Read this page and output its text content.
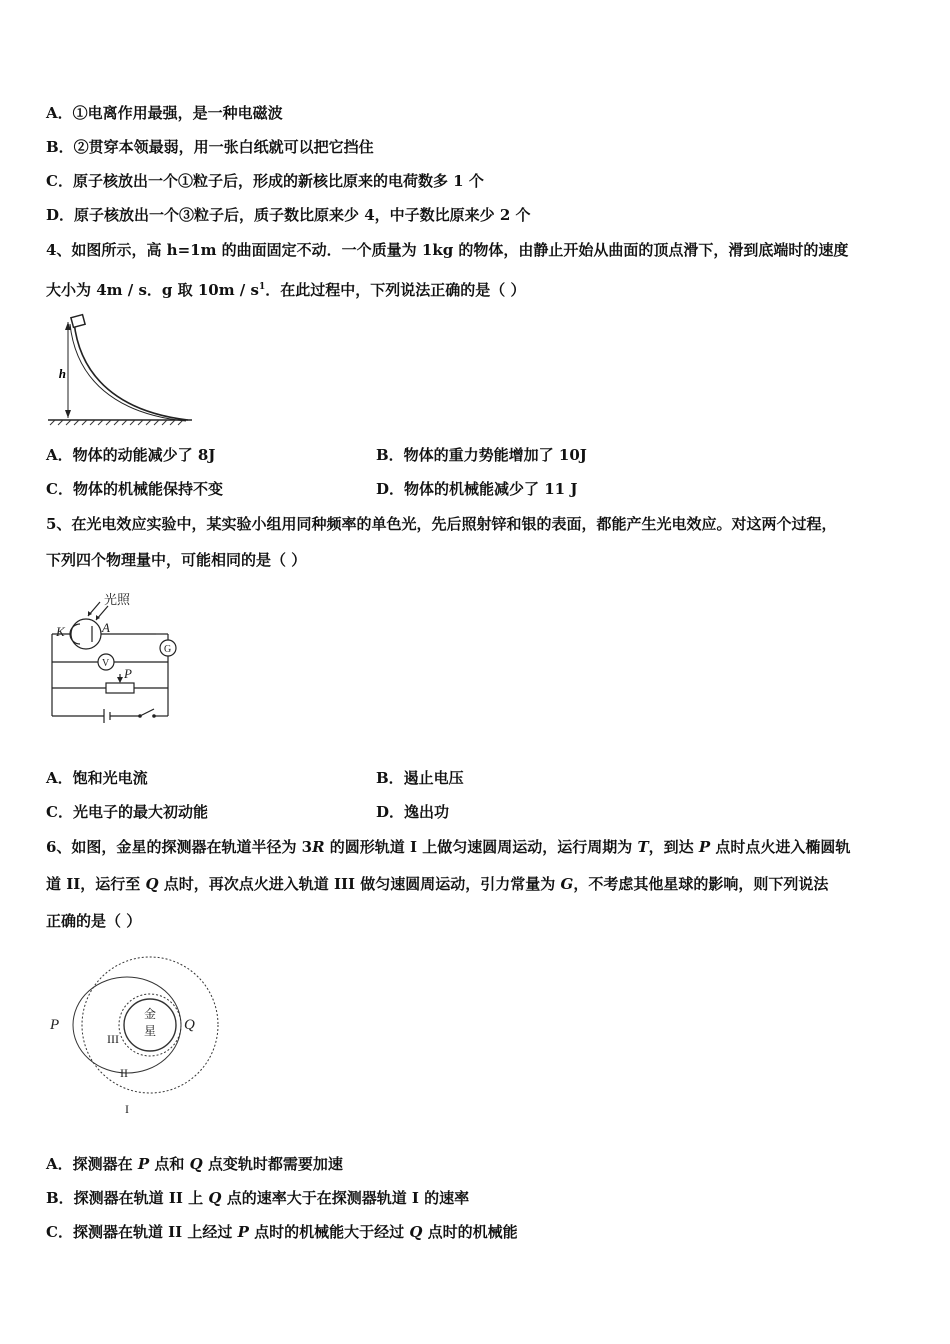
A．①电离作用最强，是一种电磁波
B．②贯穿本领最弱，用一张白纸就可以把它挡住
C．原子核放出一个①粒子后，形成的新核比原来的电荷数多 1 个
D．原子核放出一个③粒子后，质子数比原来少 4，中子数比原来少 2 个
4、如图所示，高 h=1m 的曲面固定不动．一个质量为 1kg 的物体，由静止开始从曲面的顶点滑下，滑到底端时的速度
大小为 4m / s．g 取 $10m / s^1$．在此过程中，下列说法正确的是（ ）
h
A．物体的动能减少了 8J	B．物体的重力势能增加了 10J
C．物体的机械能保持不变	D．物体的机械能减少了 11 J
5、在光电效应实验中，某实验小组用同种频率的单色光，先后照射锌和银的表面，都能产生光电效应。对这两个过程，
下列四个物理量中，可能相同的是（ ）
光照
K	A
V
G
P
A．饱和光电流	B．遏止电压
C．光电子的最大初动能	D．逸出功
6、如图，金星的探测器在轨道半径为 3R 的圆形轨道 I 上做匀速圆周运动，运行周期为 T，到达 P 点时点火进入椭圆轨
道 II，运行至 Q 点时，再次点火进入轨道 III 做匀速圆周运动，引力常量为 G，不考虑其他星球的影响，则下列说法
正确的是（ ）
P	Q
金
星
III
II
I
A．探测器在 P 点和 Q 点变轨时都需要加速
B．探测器在轨道 II 上 Q 点的速率大于在探测器轨道 I 的速率
C．探测器在轨道 II 上经过 P 点时的机械能大于经过 Q 点时的机械能
